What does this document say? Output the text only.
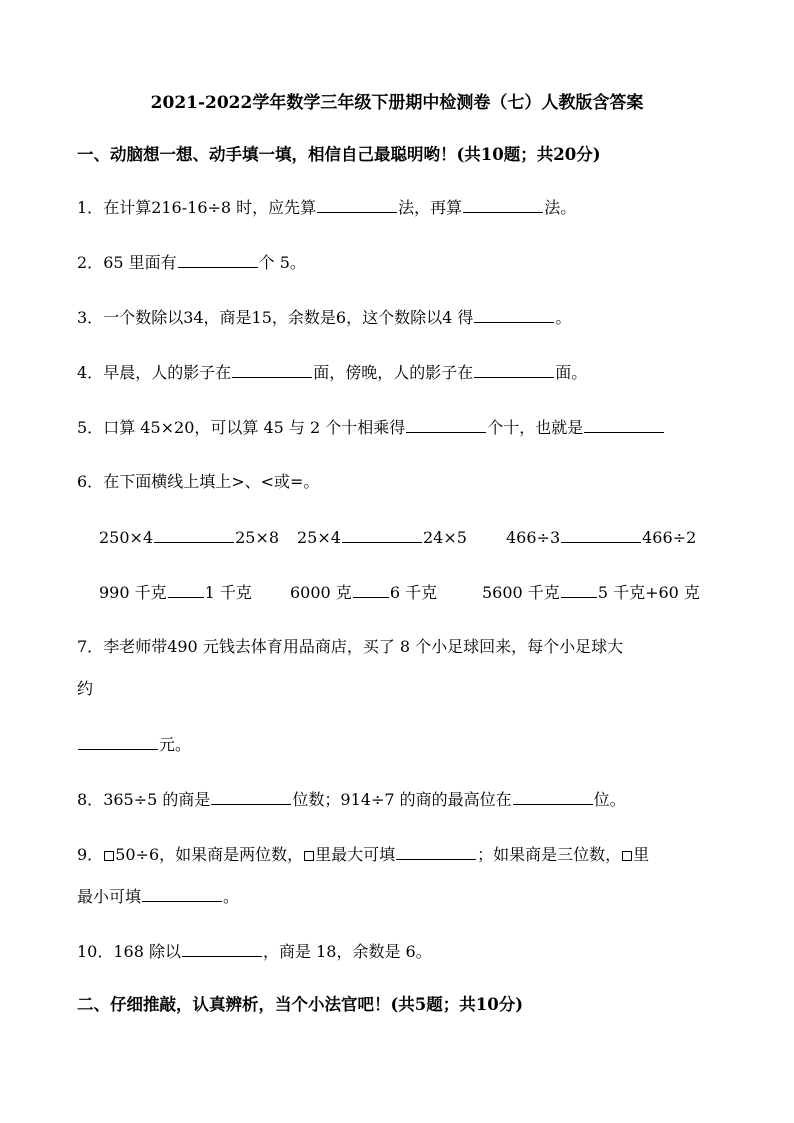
2021-2022学年数学三年级下册期中检测卷（七）人教版含答案
一、动脑想一想、动手填一填，相信自己最聪明哟！(共10题；共20分)
1．在计算216-16÷8 时，应先算	法，再算	法。
2．65 里面有	个 5。
3．一个数除以34，商是15，余数是6，这个数除以4 得	。
4．早晨，人的影子在	面，傍晚，人的影子在	面。
5．口算 45×20，可以算 45 与 2 个十相乘得	个十，也就是
6．在下面横线上填上>、<或=。
250×4	25×8 25×4	24×5 466÷3	466÷2
990 千克 1 千克 6000 克 6 千克	5600 千克 5 千克+60 克
7．李老师带490 元钱去体育用品商店，买了 8 个小足球回来，每个小足球大
约
元。
8．365÷5 的商是	位数；914÷7 的商的最高位在	位。
9． 50÷6，如果商是两位数， 里最大可填	；如果商是三位数， 里
最小可填	。
10．168 除以	，商是 18，余数是 6。
二、仔细推敲，认真辨析，当个小法官吧！(共5题；共10分)
